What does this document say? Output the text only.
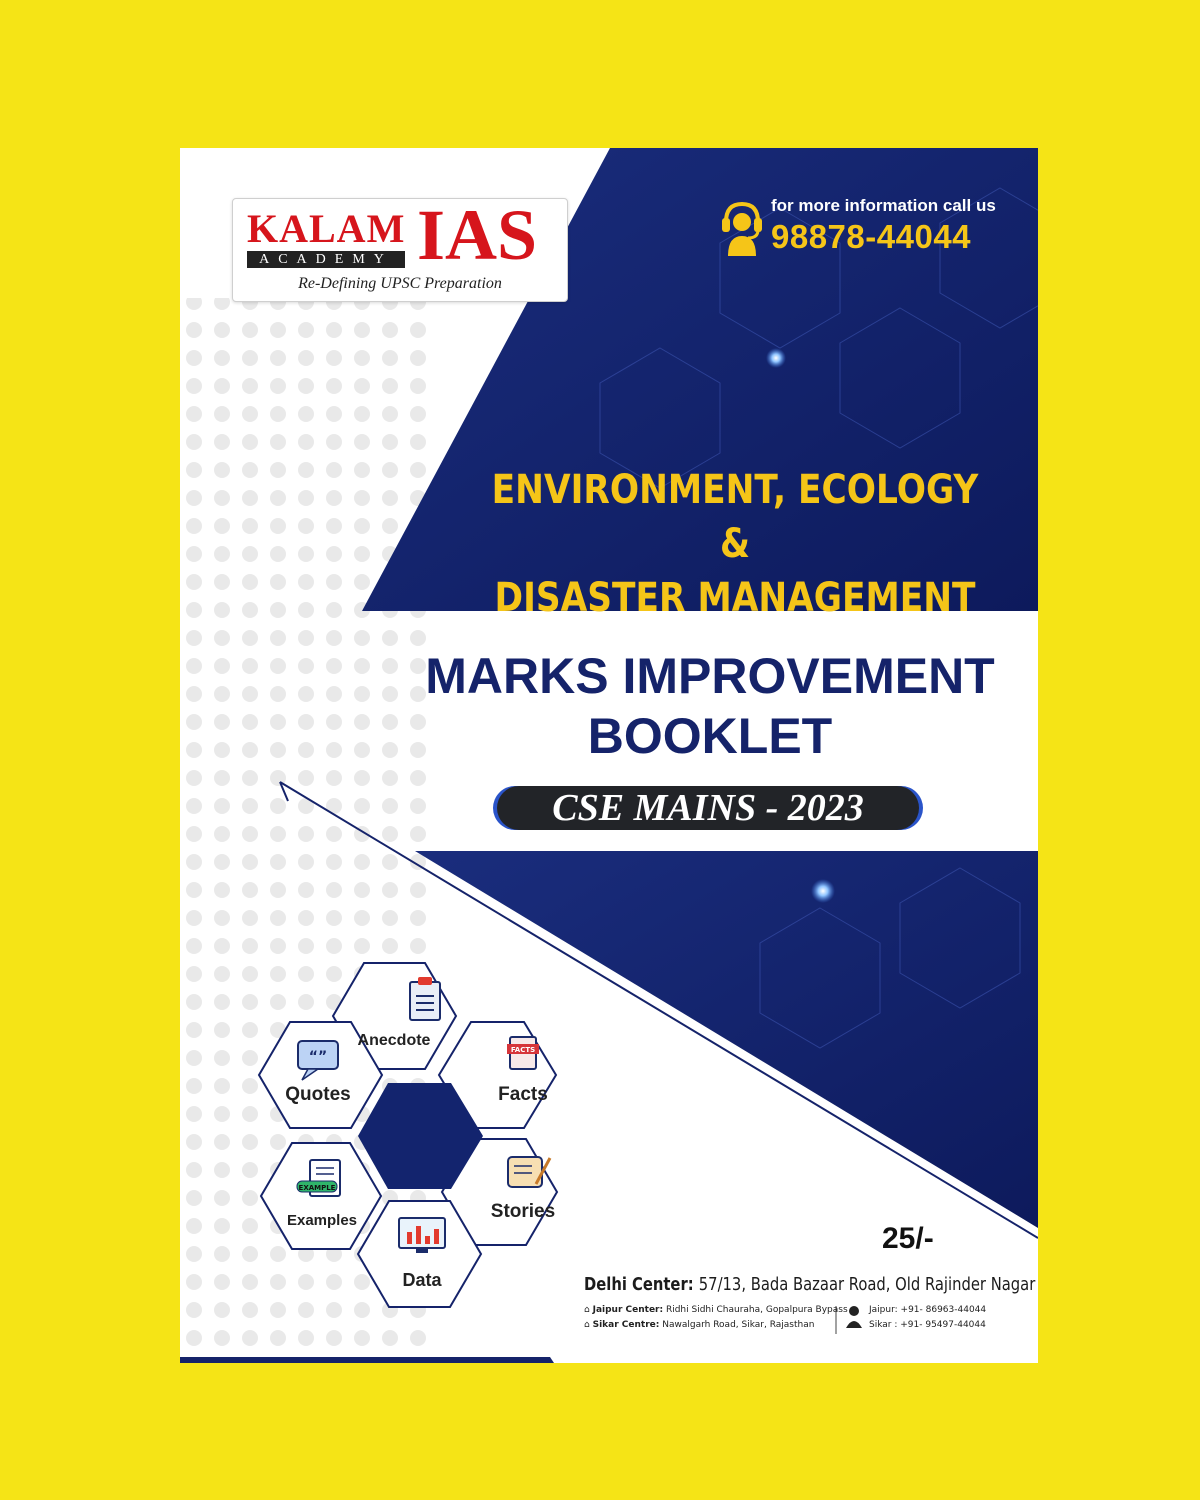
“”	FACTS
EXAMPLE
KALAM
ACADEMY IAS
Re-Defining UPSC Preparation
for more information call us
98878-44044
ENVIRONMENT, ECOLOGY &
DISASTER MANAGEMENT
MARKS IMPROVEMENT
BOOKLET
CSE MAINS - 2023
Anecdote
Quotes	Facts
Examples	Stories
Data
25/-
Delhi Center: 57/13, Bada Bazaar Road, Old Rajinder Nagar
⌂ Jaipur Center: Ridhi Sidhi Chauraha, Gopalpura Bypass
⌂ Sikar Centre: Nawalgarh Road, Sikar, Rajasthan
Jaipur: +91- 86963-44044
Sikar : +91- 95497-44044
